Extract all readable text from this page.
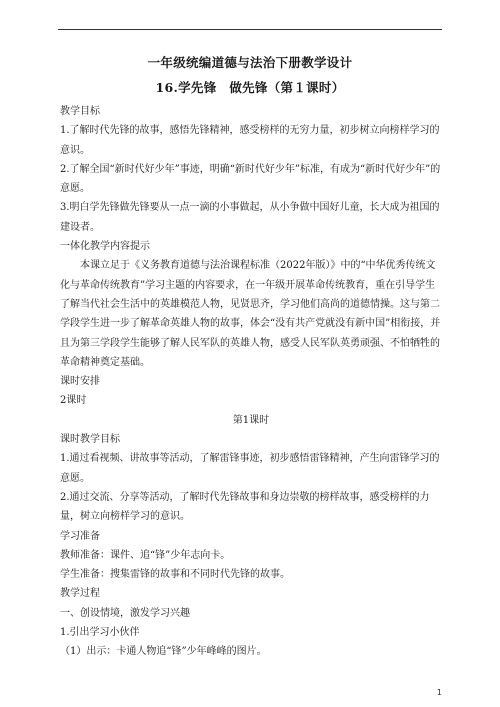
一年级统编道德与法治下册教学设计
16.学先锋　做先锋（第１课时）

教学目标

1.了解时代先锋的故事，感悟先锋精神，感受榜样的无穷力量，初步树立向榜样学习的意识。

2.了解全国“新时代好少年”事迹，明确“新时代好少年”标准，有成为“新时代好少年”的意愿。

3.明白学先锋做先锋要从一点一滴的小事做起，从小争做中国好儿童，长大成为祖国的建设者。

一体化教学内容提示

本课立足于《义务教育道德与法治课程标准（2022年版）》中的“中华优秀传统文化与革命传统教育”学习主题的内容要求，在一年级开展革命传统教育，重在引导学生了解当代社会生活中的英雄模范人物，见贤思齐，学习他们高尚的道德情操。这与第二学段学生进一步了解革命英雄人物的故事，体会“没有共产党就没有新中国”相衔接，并且为第三学段学生能够了解人民军队的英雄人物，感受人民军队英勇顽强、不怕牺牲的革命精神奠定基础。

课时安排

2课时

第1课时

课时教学目标

1.通过看视频、讲故事等活动，了解雷锋事迹，初步感悟雷锋精神，产生向雷锋学习的意愿。

2.通过交流、分享等活动，了解时代先锋故事和身边崇敬的榜样故事，感受榜样的力量，树立向榜样学习的意识。

学习准备

教师准备：课件、追“锋”少年志向卡。

学生准备：搜集雷锋的故事和不同时代先锋的故事。

教学过程

一、创设情境，激发学习兴趣

1.引出学习小伙伴

（1）出示：卡通人物追“锋”少年峰峰的图片。

1
